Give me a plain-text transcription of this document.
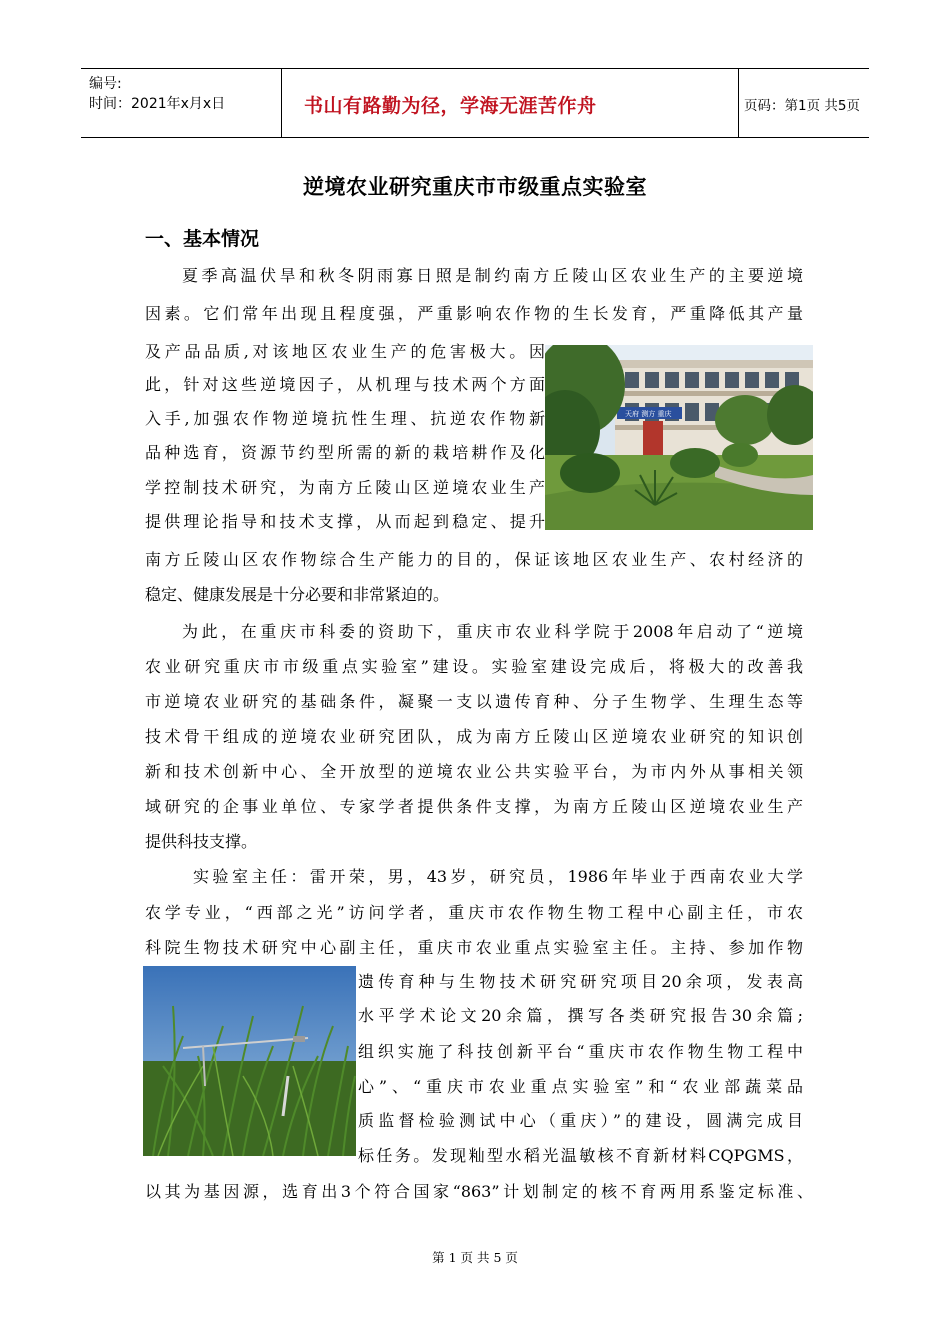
编号:
时间：2021年x月x日	书山有路勤为径，学海无涯苦作舟	页码：第1页 共5页
逆境农业研究重庆市市级重点实验室
一、基本情况
夏季高温伏旱和秋冬阴雨寡日照是制约南方丘陵山区农业生产的主要逆境
因素。它们常年出现且程度强，严重影响农作物的生长发育，严重降低其产量
及产品品质,对该地区农业生产的危害极大。因
此，针对这些逆境因子，从机理与技术两个方面
入手,加强农作物逆境抗性生理、抗逆农作物新
品种选育，资源节约型所需的新的栽培耕作及化
学控制技术研究，为南方丘陵山区逆境农业生产
提供理论指导和技术支撑，从而起到稳定、提升
南方丘陵山区农作物综合生产能力的目的，保证该地区农业生产、农村经济的
稳定、健康发展是十分必要和非常紧迫的。
为此，在重庆市科委的资助下，重庆市农业科学院于2008年启动了“逆境
农业研究重庆市市级重点实验室”建设。实验室建设完成后，将极大的改善我
市逆境农业研究的基础条件，凝聚一支以遗传育种、分子生物学、生理生态等
技术骨干组成的逆境农业研究团队，成为南方丘陵山区逆境农业研究的知识创
新和技术创新中心、全开放型的逆境农业公共实验平台，为市内外从事相关领
域研究的企事业单位、专家学者提供条件支撑，为南方丘陵山区逆境农业生产
提供科技支撑。
实验室主任：雷开荣，男，43岁，研究员，1986年毕业于西南农业大学
农学专业，“西部之光”访问学者，重庆市农作物生物工程中心副主任，市农
科院生物技术研究中心副主任，重庆市农业重点实验室主任。主持、参加作物
遗传育种与生物技术研究研究项目20余项，发表高
水平学术论文20余篇，撰写各类研究报告30余篇;
组织实施了科技创新平台“重庆市农作物生物工程中
心”、“重庆市农业重点实验室”和“农业部蔬菜品
质监督检验测试中心（重庆）”的建设，圆满完成目
标任务。发现籼型水稻光温敏核不育新材料CQPGMS，
以其为基因源，选育出3个符合国家“863”计划制定的核不育两用系鉴定标准、
天府 测方 重庆
第 1 页 共 5 页
